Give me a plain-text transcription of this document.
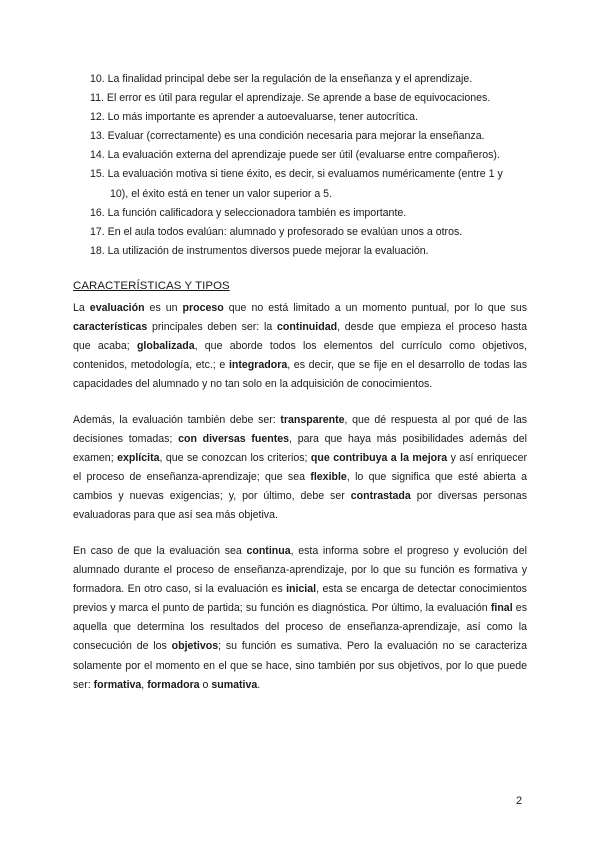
10. La finalidad principal debe ser la regulación de la enseñanza y el aprendizaje.
11. El error es útil para regular el aprendizaje. Se aprende a base de equivocaciones.
12. Lo más importante es aprender a autoevaluarse, tener autocrítica.
13. Evaluar (correctamente) es una condición necesaria para mejorar la enseñanza.
14. La evaluación externa del aprendizaje puede ser útil (evaluarse entre compañeros).
15. La evaluación motiva si tiene éxito, es decir, si evaluamos numéricamente (entre 1 y
10), el éxito está en tener un valor superior a 5.
16. La función calificadora y seleccionadora también es importante.
17. En el aula todos evalúan: alumnado y profesorado se evalúan unos a otros.
18. La utilización de instrumentos diversos puede mejorar la evaluación.
CARACTERÍSTICAS Y TIPOS

La evaluación es un proceso que no está limitado a un momento puntual, por lo que sus características principales deben ser: la continuidad, desde que empieza el proceso hasta que acaba; globalizada, que aborde todos los elementos del currículo como objetivos, contenidos, metodología, etc.; e integradora, es decir, que se fije en el desarrollo de todas las capacidades del alumnado y no tan solo en la adquisición de conocimientos.

Además, la evaluación también debe ser: transparente, que dé respuesta al por qué de las decisiones tomadas; con diversas fuentes, para que haya más posibilidades además del examen; explícita, que se conozcan los criterios; que contribuya a la mejora y así enriquecer el proceso de enseñanza-aprendizaje; que sea flexible, lo que significa que esté abierta a cambios y nuevas exigencias; y, por último, debe ser contrastada por diversas personas evaluadoras para que así sea más objetiva.

En caso de que la evaluación sea continua, esta informa sobre el progreso y evolución del alumnado durante el proceso de enseñanza-aprendizaje, por lo que su función es formativa y formadora. En otro caso, si la evaluación es inicial, esta se encarga de detectar conocimientos previos y marca el punto de partida; su función es diagnóstica. Por último, la evaluación final es aquella que determina los resultados del proceso de enseñanza-aprendizaje, así como la consecución de los objetivos; su función es sumativa. Pero la evaluación no se caracteriza solamente por el momento en el que se hace, sino también por sus objetivos, por lo que puede ser: formativa, formadora o sumativa.

2
